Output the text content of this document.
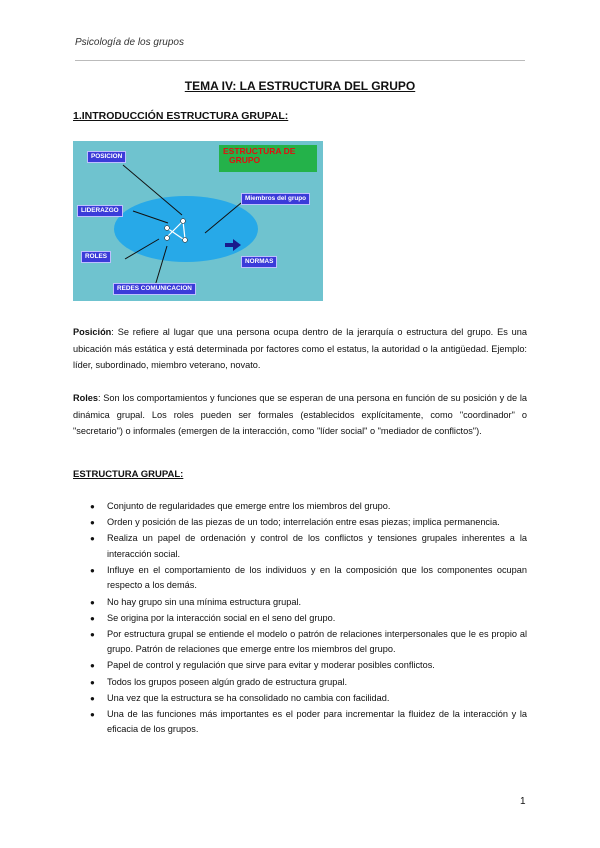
Psicología de los grupos
TEMA IV: LA ESTRUCTURA DEL GRUPO
1.INTRODUCCIÓN ESTRUCTURA GRUPAL:
ESTRUCTURA DE
GRUPO
POSICION
LIDERAZGO
ROLES
REDES COMUNICACION
Miembros del grupo
NORMAS
Posición: Se refiere al lugar que una persona ocupa dentro de la jerarquía o estructura del grupo. Es una ubicación más estática y está determinada por factores como el estatus, la autoridad o la antigüedad. Ejemplo: líder, subordinado, miembro veterano, novato.
Roles: Son los comportamientos y funciones que se esperan de una persona en función de su posición y de la dinámica grupal. Los roles pueden ser formales (establecidos explícitamente, como "coordinador" o "secretario") o informales (emergen de la interacción, como "líder social" o "mediador de conflictos").
ESTRUCTURA GRUPAL:
● Conjunto de regularidades que emerge entre los miembros del grupo.
● Orden y posición de las piezas de un todo; interrelación entre esas piezas; implica permanencia.
● Realiza un papel de ordenación y control de los conflictos y tensiones grupales inherentes a la interacción social.
● Influye en el comportamiento de los individuos y en la composición que los componentes ocupan respecto a los demás.
● No hay grupo sin una mínima estructura grupal.
● Se origina por la interacción social en el seno del grupo.
● Por estructura grupal se entiende el modelo o patrón de relaciones interpersonales que le es propio al grupo. Patrón de relaciones que emerge entre los miembros del grupo.
● Papel de control y regulación que sirve para evitar y moderar posibles conflictos.
● Todos los grupos poseen algún grado de estructura grupal.
● Una vez que la estructura se ha consolidado no cambia con facilidad.
● Una de las funciones más importantes es el poder para incrementar la fluidez de la interacción y la eficacia de los grupos.
1
